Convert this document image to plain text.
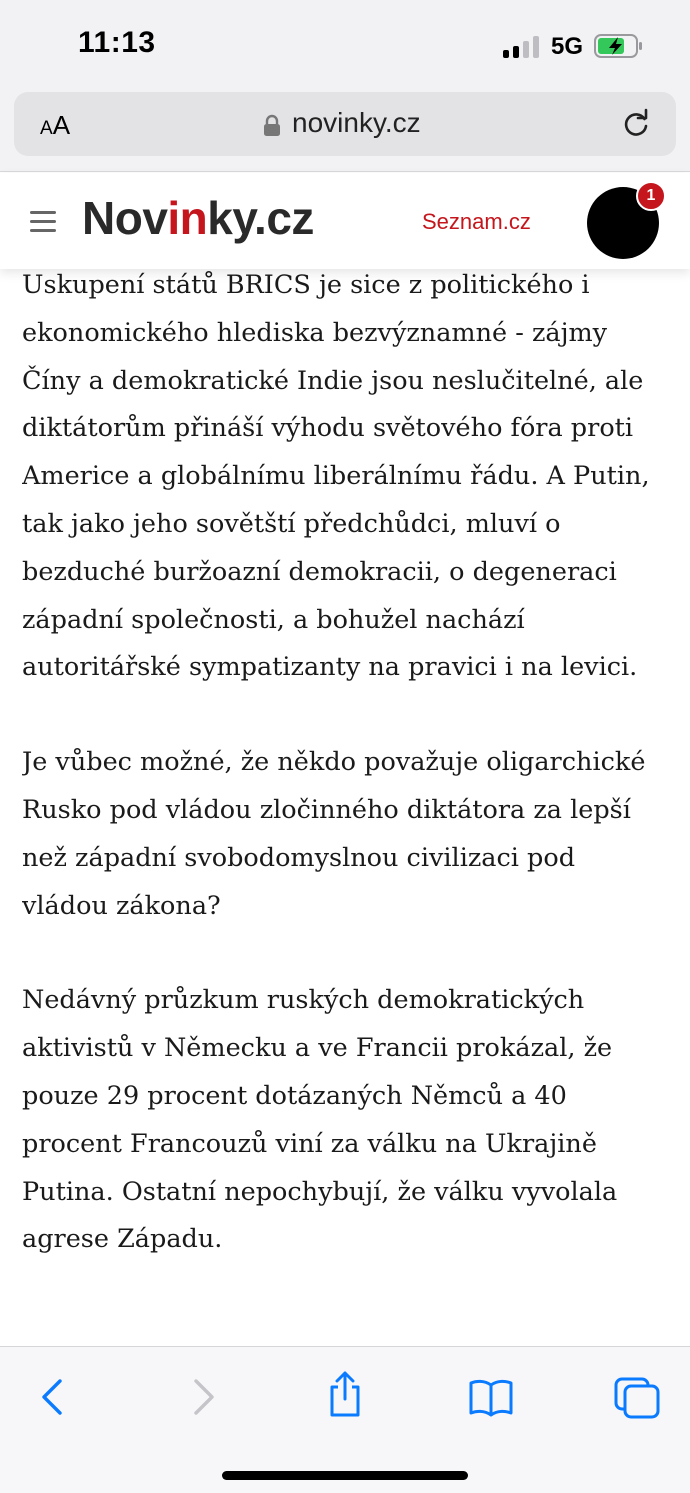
11:13	5G
AA	novinky.cz
Novinky.cz	Seznam.cz
1

Uskupení států BRICS je sice z politického i ekonomického hlediska bezvýznamné - zájmy Číny a demokratické Indie jsou neslučitelné, ale diktátorům přináší výhodu světového fóra proti Americe a globálnímu liberálnímu řádu. A Putin, tak jako jeho sovětští předchůdci, mluví o bezduché buržoazní demokracii, o degeneraci západní společnosti, a bohužel nachází autoritářské sympatizanty na pravici i na levici.

Je vůbec možné, že někdo považuje oligarchické Rusko pod vládou zločinného diktátora za lepší než západní svobodomyslnou civilizaci pod vládou zákona?

Nedávný průzkum ruských demokratických aktivistů v Německu a ve Francii prokázal, že pouze 29 procent dotázaných Němců a 40 procent Francouzů viní za válku na Ukrajině Putina. Ostatní nepochybují, že válku vyvolala agrese Západu.
